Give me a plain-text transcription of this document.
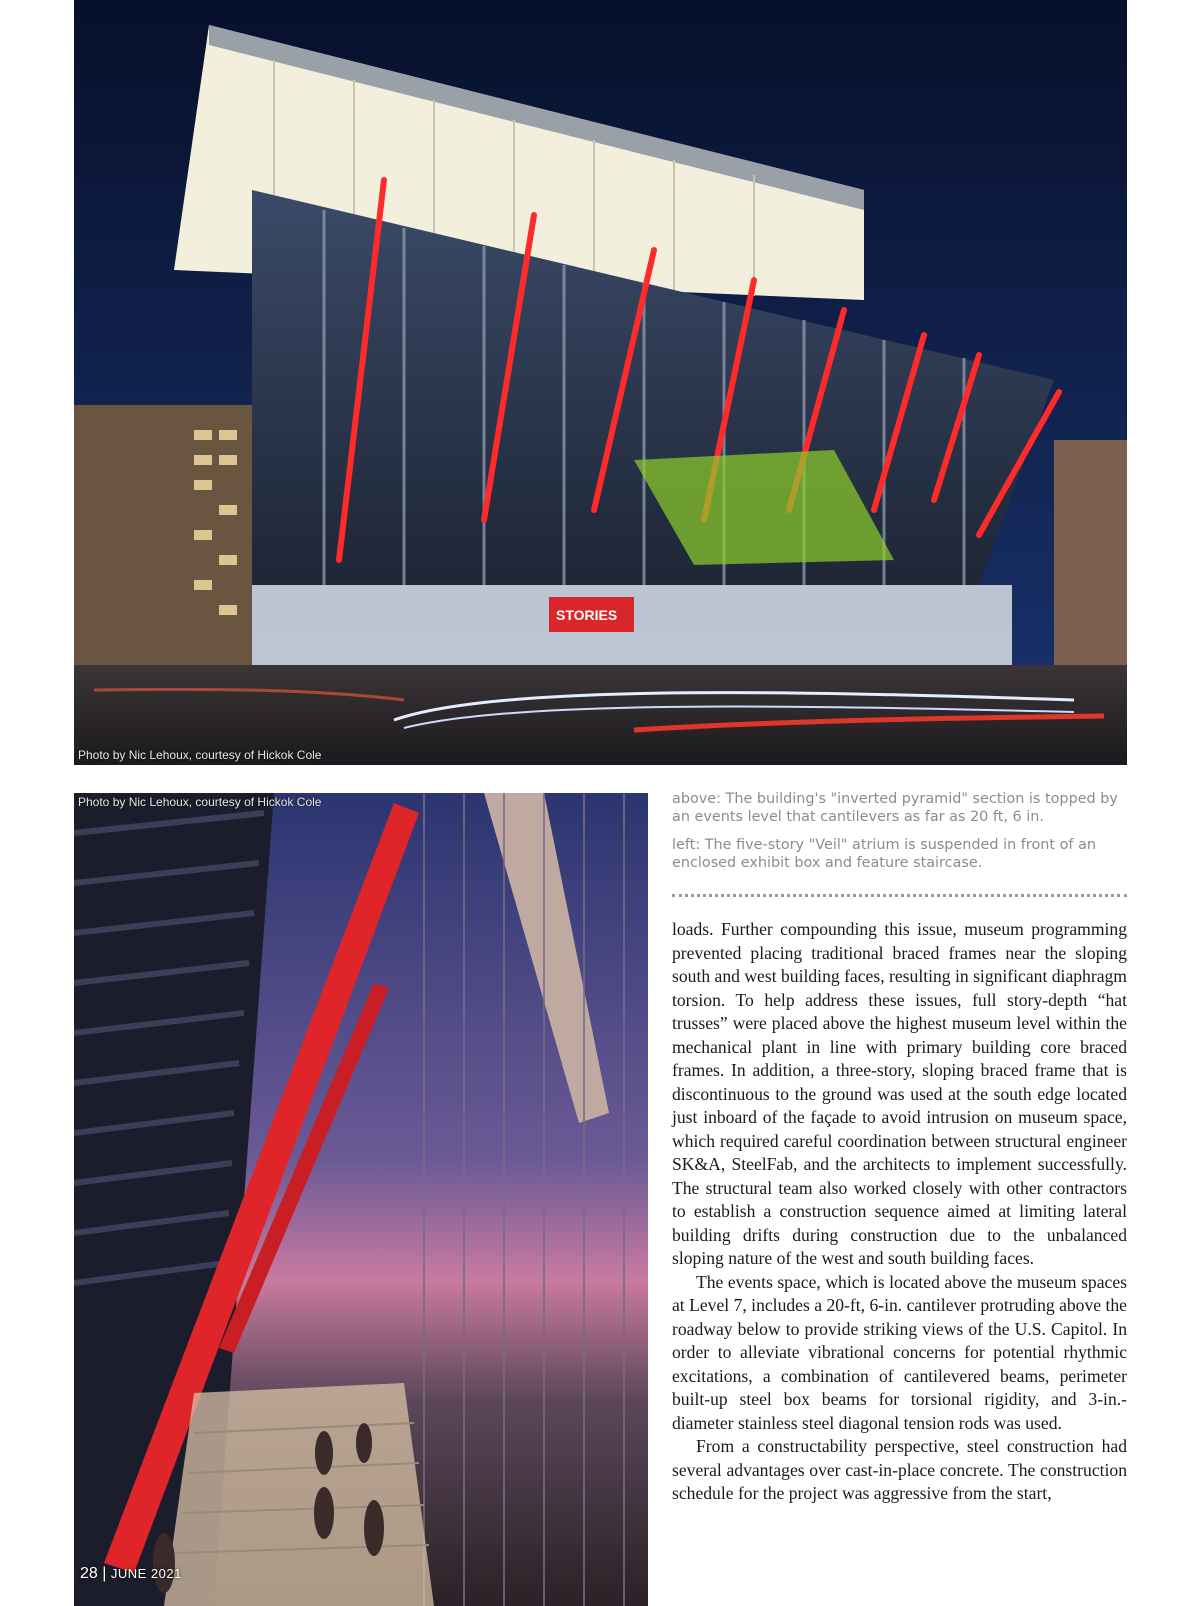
STORIES
Photo by Nic Lehoux, courtesy of Hickok Cole
Photo by Nic Lehoux, courtesy of Hickok Cole	above: The building's "inverted pyramid" section is topped by an events level that cantilevers as far as 20 ft, 6 in.

left: The five-story "Veil" atrium is suspended in front of an enclosed exhibit box and feature staircase.

loads. Further compounding this issue, museum programming prevented placing traditional braced frames near the sloping south and west building faces, resulting in significant diaphragm torsion. To help address these issues, full story-depth “hat trusses” were placed above the highest museum level within the mechanical plant in line with primary building core braced frames. In addition, a three-story, sloping braced frame that is discontinuous to the ground was used at the south edge located just inboard of the façade to avoid intrusion on museum space, which required careful coordination between structural engineer SK&A, SteelFab, and the architects to implement successfully. The structural team also worked closely with other contractors to establish a construction sequence aimed at limiting lateral building drifts during construction due to the unbalanced sloping nature of the west and south building faces.

The events space, which is located above the museum spaces at Level 7, includes a 20-ft, 6-in. cantilever protruding above the roadway below to provide striking views of the U.S. Capitol. In order to alleviate vibrational concerns for potential rhythmic excitations, a combination of cantilevered beams, perimeter built-up steel box beams for torsional rigidity, and 3-in.-diameter stainless steel diagonal tension rods was used.

From a constructability perspective, steel construction had several advantages over cast-in-place concrete. The construction schedule for the project was aggressive from the start,

28 | JUNE 2021
